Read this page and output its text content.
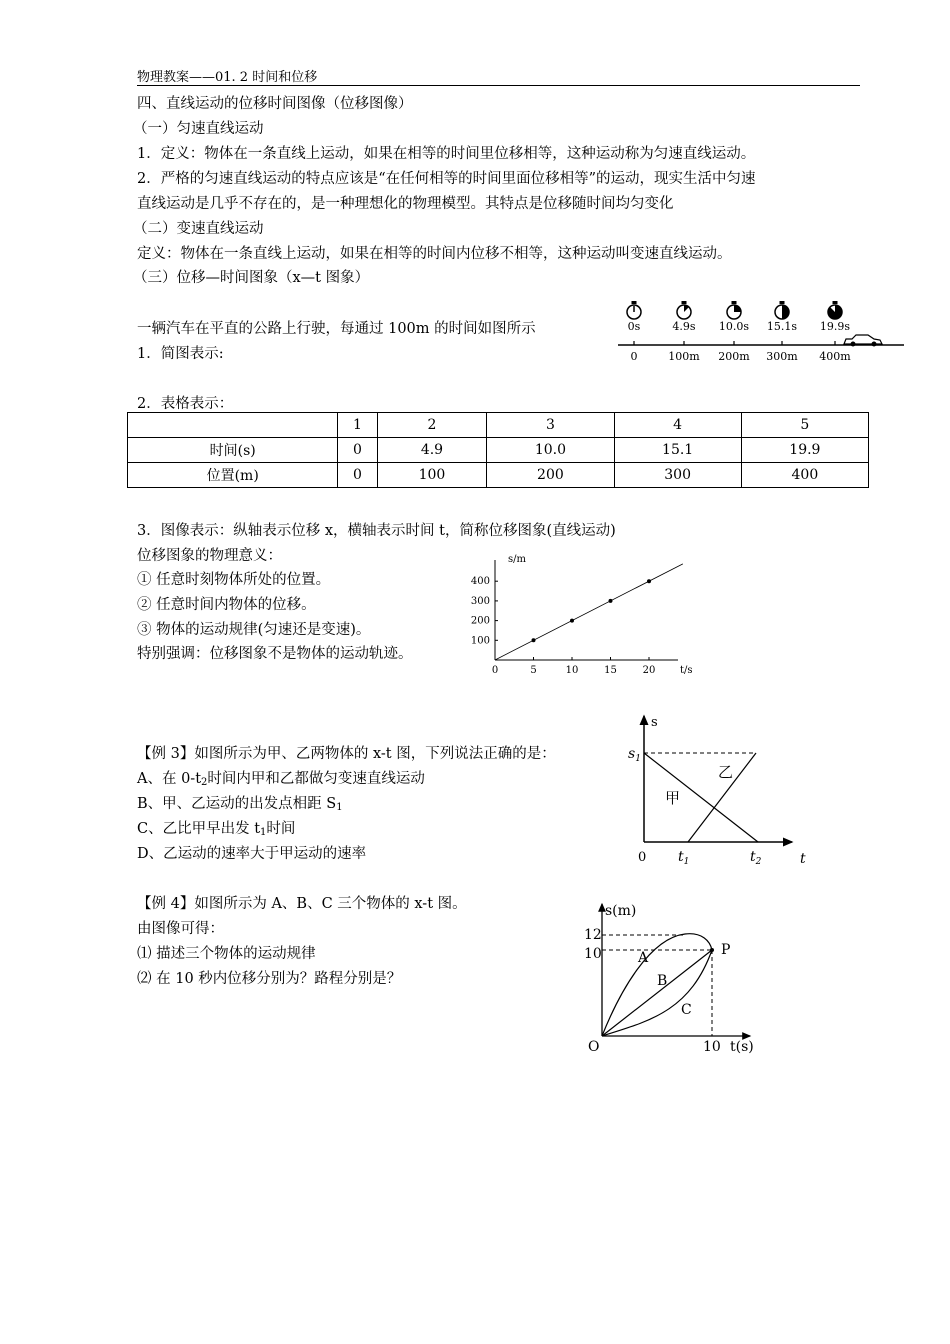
物理教案——01. 2 时间和位移
四、直线运动的位移时间图像（位移图像）
（一）匀速直线运动
1．定义：物体在一条直线上运动，如果在相等的时间里位移相等，这种运动称为匀速直线运动。
2．严格的匀速直线运动的特点应该是“在任何相等的时间里面位移相等”的运动，现实生活中匀速
直线运动是几乎不存在的，是一种理想化的物理模型。其特点是位移随时间均匀变化
（二）变速直线运动
定义：物体在一条直线上运动，如果在相等的时间内位移不相等，这种运动叫变速直线运动。
（三）位移—时间图象（x—t 图象）
一辆汽车在平直的公路上行驶，每通过 100m 的时间如图所示
1．简图表示:
0s	4.9s 10.0s 15.1s 19.9s
0	100m 200m 300m 400m
2．表格表示：
	1	2	3	4	5
时间(s)	0	4.9	10.0	15.1	19.9
位置(m)	0	100	200	300	400
3．图像表示：纵轴表示位移 x，横轴表示时间 t，简称位移图象(直线运动)
位移图象的物理意义：
① 任意时刻物体所处的位置。
② 任意时间内物体的位移。
③ 物体的运动规律(匀速还是变速)。
特别强调：位移图象不是物体的运动轨迹。
s/m
t/s
0	5	10	15	20
100
200
300
400
【例 3】如图所示为甲、乙两物体的 x-t 图，下列说法正确的是：
A、在 $0-t_2$时间内甲和乙都做匀变速直线运动
B、甲、乙运动的出发点相距 $S_1$
C、乙比甲早出发 $t_1$时间
D、乙运动的速率大于甲运动的速率
s
t
0
$s_1$
$t_1$	$t_2$
甲
乙
【例 4】如图所示为 A、B、C 三个物体的 x-t 图。
由图像可得：
⑴ 描述三个物体的运动规律
⑵ 在 10 秒内位移分别为？路程分别是？
s(m)
t(s)
O
12
10
10
A
B
C
P
